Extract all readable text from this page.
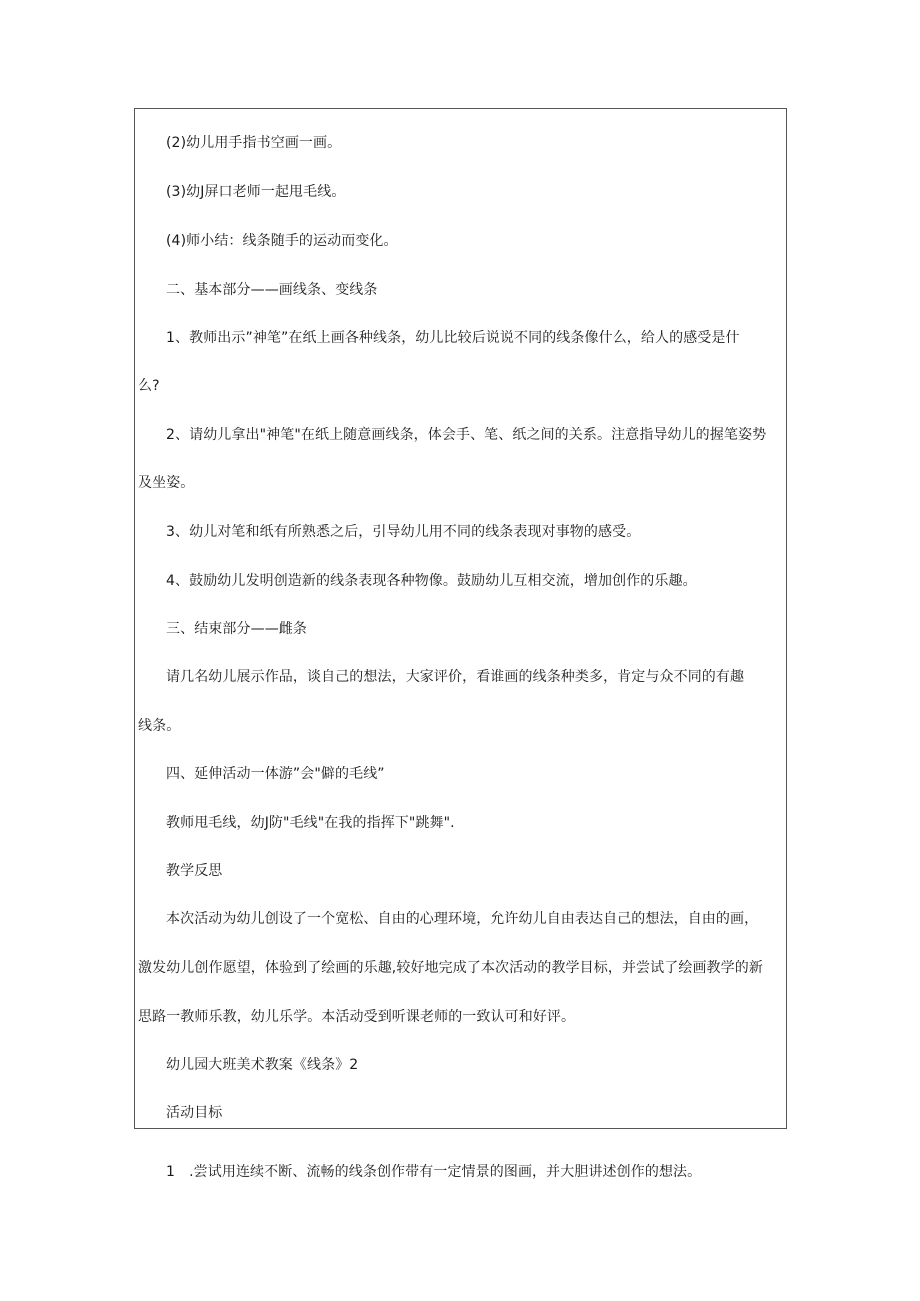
(2)幼儿用手指书空画一画。
(3)幼J屏口老师一起甩毛线。
(4)师小结：线条随手的运动而变化。
二、基本部分——画线条、变线条
1、教师出示”神笔”在纸上画各种线条，幼儿比较后说说不同的线条像什么，给人的感受是什
么?
2、请幼儿拿出"神笔"在纸上随意画线条，体会手、笔、纸之间的关系。注意指导幼儿的握笔姿势
及坐姿。
3、幼儿对笔和纸有所熟悉之后，引导幼儿用不同的线条表现对事物的感受。
4、鼓励幼儿发明创造新的线条表现各种物像。鼓励幼儿互相交流，增加创作的乐趣。
三、结束部分——雌条
请几名幼儿展示作品，谈自己的想法，大家评价，看谁画的线条种类多，肯定与众不同的有趣
线条。
四、延伸活动一体游”会"僻的毛线”
教师甩毛线，幼J防"毛线"在我的指挥下"跳舞".
教学反思
本次活动为幼儿创设了一个宽松、自由的心理环境，允许幼儿自由表达自己的想法，自由的画，
激发幼儿创作愿望，体验到了绘画的乐趣,较好地完成了本次活动的教学目标，并尝试了绘画教学的新
思路一教师乐教，幼儿乐学。本活动受到听课老师的一致认可和好评。
幼儿园大班美术教案《线条》2
活动目标
1　.尝试用连续不断、流畅的线条创作带有一定情景的图画，并大胆讲述创作的想法。
